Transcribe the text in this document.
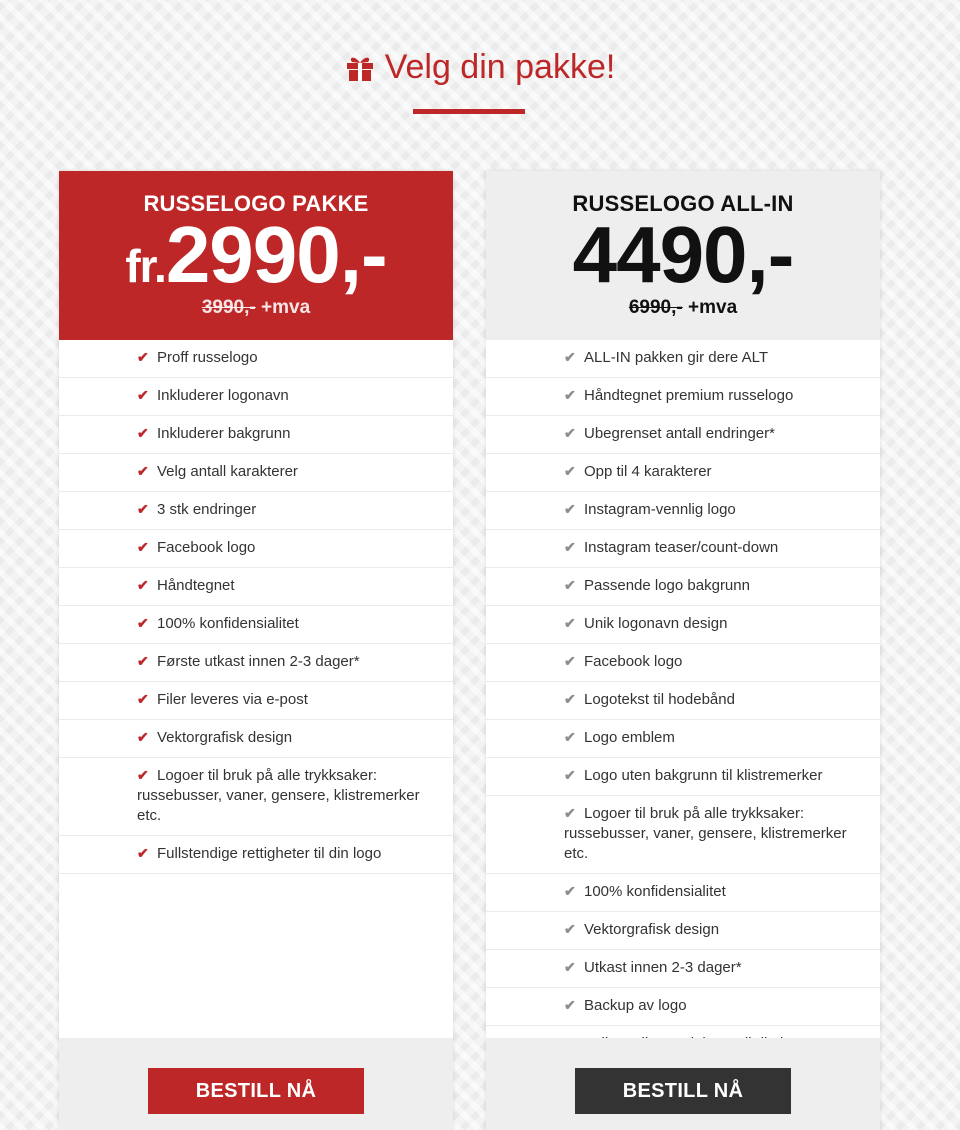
Velg din pakke!
RUSSELOGO PAKKE
fr. 2990,-
3990,- +mva
✔ Proff russelogo
✔ Inkluderer logonavn
✔ Inkluderer bakgrunn
✔ Velg antall karakterer
✔ 3 stk endringer
✔ Facebook logo
✔ Håndtegnet
✔ 100% konfidensialitet
✔ Første utkast innen 2-3 dager*
✔ Filer leveres via e-post
✔ Vektorgrafisk design
✔ Logoer til bruk på alle trykksaker: russebusser, vaner, gensere, klistremerker etc.
✔ Fullstendige rettigheter til din logo
BESTILL NÅ
RUSSELOGO ALL-IN
4490,-
6990,- +mva
✔ ALL-IN pakken gir dere ALT
✔ Håndtegnet premium russelogo
✔ Ubegrenset antall endringer*
✔ Opp til 4 karakterer
✔ Instagram-vennlig logo
✔ Instagram teaser/count-down
✔ Passende logo bakgrunn
✔ Unik logonavn design
✔ Facebook logo
✔ Logotekst til hodebånd
✔ Logo emblem
✔ Logo uten bakgrunn til klistremerker
✔ Logoer til bruk på alle trykksaker: russebusser, vaner, gensere, klistremerker etc.
✔ 100% konfidensialitet
✔ Vektorgrafisk design
✔ Utkast innen 2-3 dager*
✔ Backup av logo
BESTILL NÅ
